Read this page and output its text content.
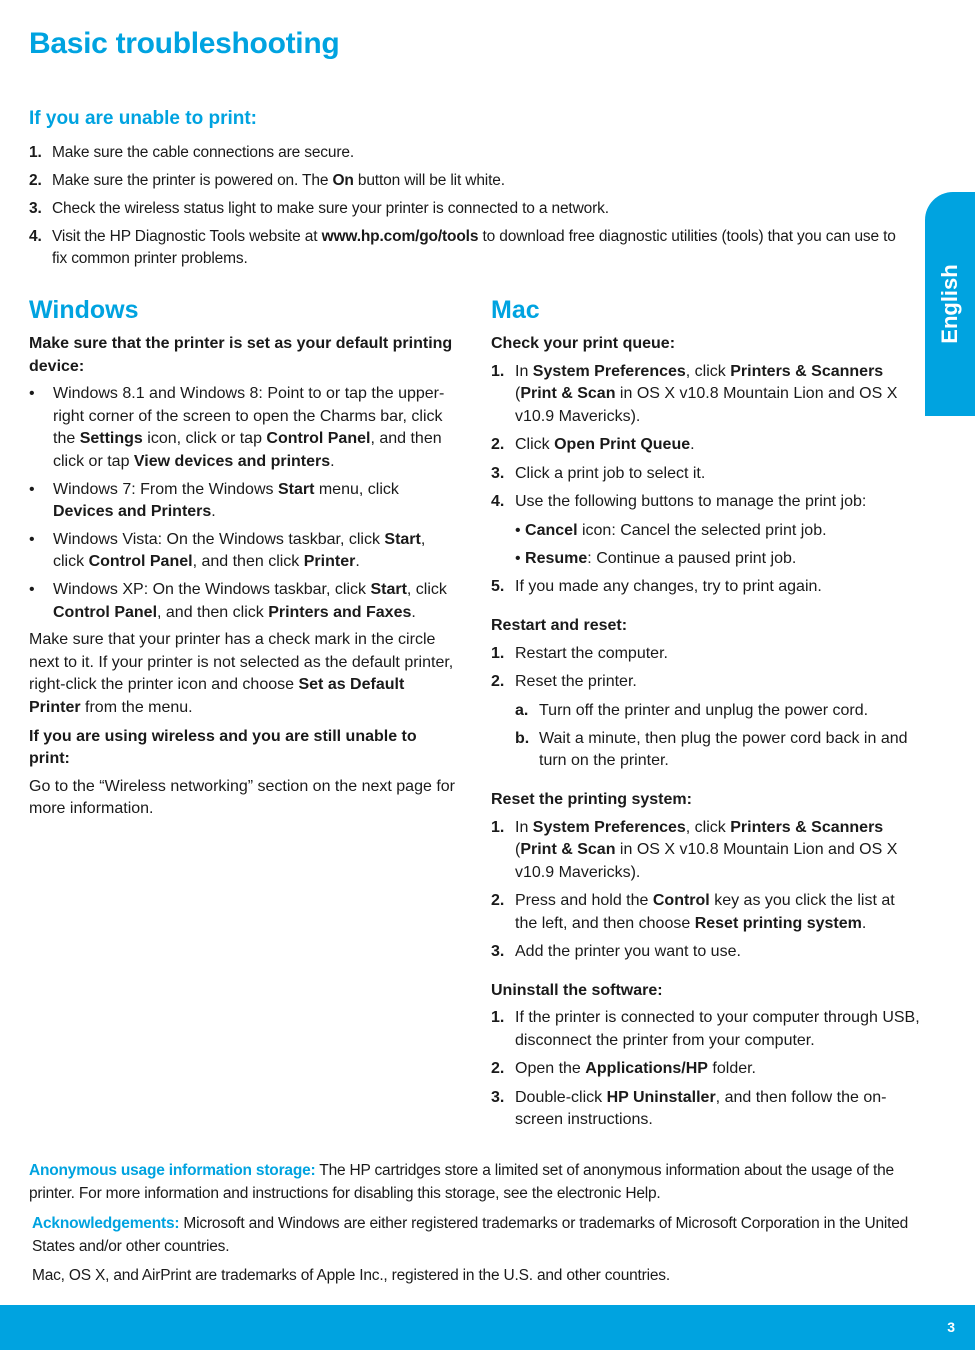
Basic troubleshooting
English
If you are unable to print:
1. Make sure the cable connections are secure.
2. Make sure the printer is powered on. The On button will be lit white.
3. Check the wireless status light to make sure your printer is connected to a network.
4. Visit the HP Diagnostic Tools website at www.hp.com/go/tools to download free diagnostic utilities (tools) that you can use to fix common printer problems.
Windows	Mac
Make sure that the printer is set as your default printing device:
• Windows 8.1 and Windows 8: Point to or tap the upper-right corner of the screen to open the Charms bar, click the Settings icon, click or tap Control Panel, and then click or tap View devices and printers.
• Windows 7: From the Windows Start menu, click Devices and Printers.
• Windows Vista: On the Windows taskbar, click Start, click Control Panel, and then click Printer.
• Windows XP: On the Windows taskbar, click Start, click Control Panel, and then click Printers and Faxes.

Make sure that your printer has a check mark in the circle next to it. If your printer is not selected as the default printer, right-click the printer icon and choose Set as Default Printer from the menu.

If you are using wireless and you are still unable to print:

Go to the “Wireless networking” section on the next page for more information.

Check your print queue:
1. In System Preferences, click Printers & Scanners (Print & Scan in OS X v10.8 Mountain Lion and OS X v10.9 Mavericks).
2. Click Open Print Queue.
3. Click a print job to select it.
4. Use the following buttons to manage the print job:
• Cancel icon: Cancel the selected print job.
• Resume: Continue a paused print job.
5. If you made any changes, try to print again.
Restart and reset:
1. Restart the computer.
2. Reset the printer.
a. Turn off the printer and unplug the power cord.
b. Wait a minute, then plug the power cord back in and turn on the printer.
Reset the printing system:
1. In System Preferences, click Printers & Scanners (Print & Scan in OS X v10.8 Mountain Lion and OS X v10.9 Mavericks).
2. Press and hold the Control key as you click the list at the left, and then choose Reset printing system.
3. Add the printer you want to use.
Uninstall the software:
1. If the printer is connected to your computer through USB, disconnect the printer from your computer.
2. Open the Applications/HP folder.
3. Double-click HP Uninstaller, and then follow the on-screen instructions.
Anonymous usage information storage: The HP cartridges store a limited set of anonymous information about the usage of the printer. For more information and instructions for disabling this storage, see the electronic Help.
Acknowledgements: Microsoft and Windows are either registered trademarks or trademarks of Microsoft Corporation in the United States and/or other countries.
Mac, OS X, and AirPrint are trademarks of Apple Inc., registered in the U.S. and other countries.
3
